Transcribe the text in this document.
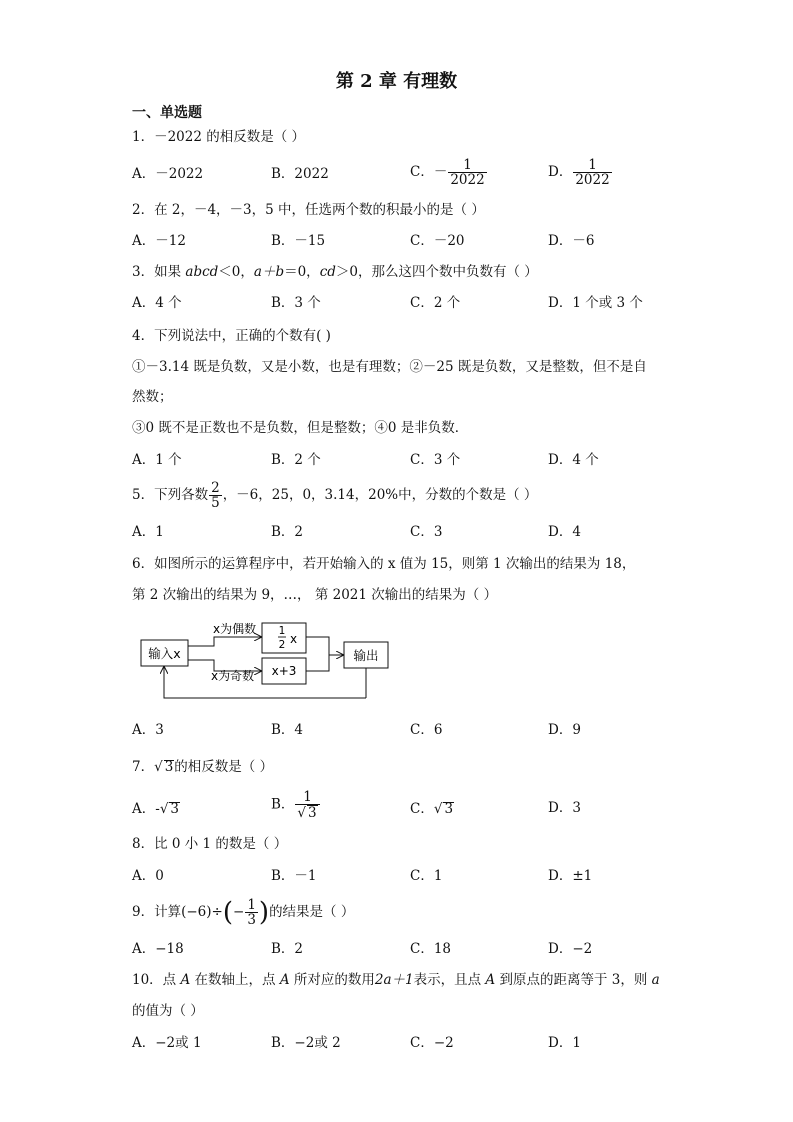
第 2 章 有理数
一、单选题
1．－2022 的相反数是（ ）
A．－2022	B．2022	C．－ $\frac{1}{2022}$	D． $\frac{1}{2022}$
2．在 2，－4，－3，5 中，任选两个数的积最小的是（ ）
A．－12	B．－15	C．－20	D．－6
3．如果 abcd＜0，a＋b＝0，cd＞0，那么这四个数中负数有（ ）
A．4 个	B．3 个	C．2 个	D．1 个或 3 个
4．下列说法中，正确的个数有( )
①－3.14 既是负数，又是小数，也是有理数；②－25 既是负数，又是整数，但不是自
然数；
③0 既不是正数也不是负数，但是整数；④0 是非负数．
A．1 个	B．2 个	C．3 个	D．4 个
5．下列各数 $\frac{2}{5}$ ，－6，25，0，3.14，20%中，分数的个数是（ ）
A．1	B．2	C．3	D．4
6．如图所示的运算程序中，若开始输入的 x 值为 15，则第 1 次输出的结果为 18，
第 2 次输出的结果为 9，…， 第 2021 次输出的结果为（ ）
输入x
1
2 x
x+3
输出
x为偶数
x为奇数
A．3	B．4	C．6	D．9
7．√ 3的相反数是（ ）
A．-√ 3	B． $\frac{1}{√ 3}$	C．√ 3	D．3
8．比 0 小 1 的数是（ ）
A．0	B．－1	C．1	D．±1
9．计算$(-6)\div(- \frac{1}{3}$ )的结果是（ ）
A．−18	B．2	C．18	D．−2
10．点 A 在数轴上，点 A 所对应的数用2a＋1表示，且点 A 到原点的距离等于 3，则 a
的值为（ ）
A．−2或 1	B．−2或 2	C．−2	D．1
